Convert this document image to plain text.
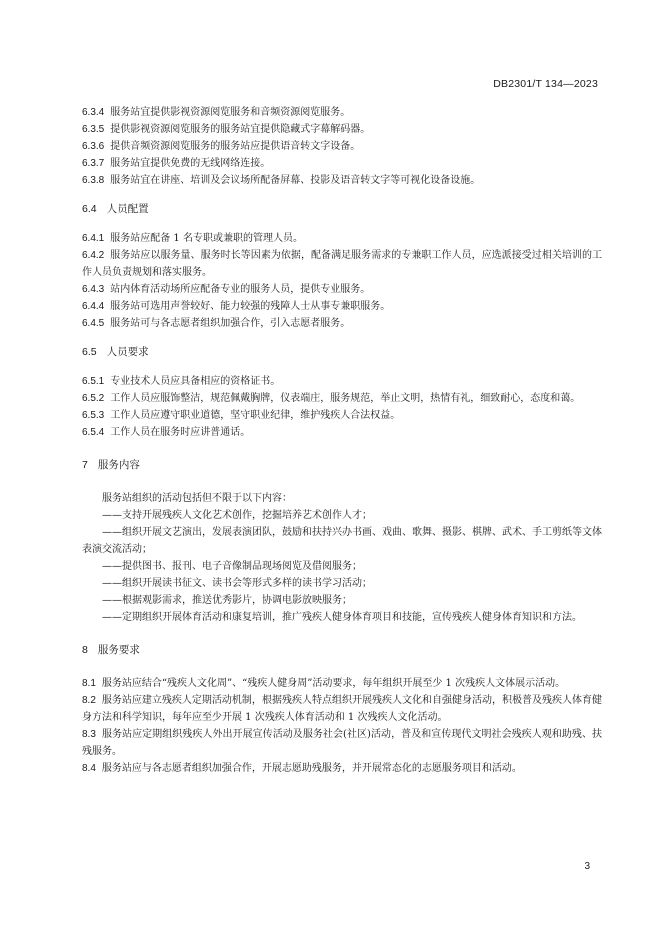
DB2301/T 134—2023

6.3.4 服务站宜提供影视资源阅览服务和音频资源阅览服务。

6.3.5 提供影视资源阅览服务的服务站宜提供隐藏式字幕解码器。

6.3.6 提供音频资源阅览服务的服务站应提供语音转文字设备。

6.3.7 服务站宜提供免费的无线网络连接。

6.3.8 服务站宜在讲座、培训及会议场所配备屏幕、投影及语音转文字等可视化设备设施。

6.4 人员配置

6.4.1 服务站应配备 1 名专职或兼职的管理人员。

6.4.2 服务站应以服务量、服务时长等因素为依据，配备满足服务需求的专兼职工作人员，应选派接受过相关培训的工作人员负责规划和落实服务。

6.4.3 站内体育活动场所应配备专业的服务人员，提供专业服务。

6.4.4 服务站可选用声誉较好、能力较强的残障人士从事专兼职服务。

6.4.5 服务站可与各志愿者组织加强合作，引入志愿者服务。

6.5 人员要求

6.5.1 专业技术人员应具备相应的资格证书。

6.5.2 工作人员应服饰整洁，规范佩戴胸牌，仪表端庄，服务规范，举止文明，热情有礼，细致耐心，态度和蔼。

6.5.3 工作人员应遵守职业道德，坚守职业纪律，维护残疾人合法权益。

6.5.4 工作人员在服务时应讲普通话。

7 服务内容

服务站组织的活动包括但不限于以下内容：

——支持开展残疾人文化艺术创作，挖掘培养艺术创作人才；

——组织开展文艺演出，发展表演团队，鼓励和扶持兴办书画、戏曲、歌舞、摄影、棋牌、武术、手工剪纸等文体表演交流活动；

——提供图书、报刊、电子音像制品现场阅览及借阅服务；

——组织开展读书征文、读书会等形式多样的读书学习活动；

——根据观影需求，推送优秀影片，协调电影放映服务；

——定期组织开展体育活动和康复培训，推广残疾人健身体育项目和技能，宣传残疾人健身体育知识和方法。

8 服务要求

8.1 服务站应结合“残疾人文化周”、“残疾人健身周”活动要求，每年组织开展至少 1 次残疾人文体展示活动。

8.2 服务站应建立残疾人定期活动机制，根据残疾人特点组织开展残疾人文化和自强健身活动，积极普及残疾人体育健身方法和科学知识，每年应至少开展 1 次残疾人体育活动和 1 次残疾人文化活动。

8.3 服务站应定期组织残疾人外出开展宣传活动及服务社会(社区)活动，普及和宣传现代文明社会残疾人观和助残、扶残服务。

8.4 服务站应与各志愿者组织加强合作，开展志愿助残服务，并开展常态化的志愿服务项目和活动。

3
